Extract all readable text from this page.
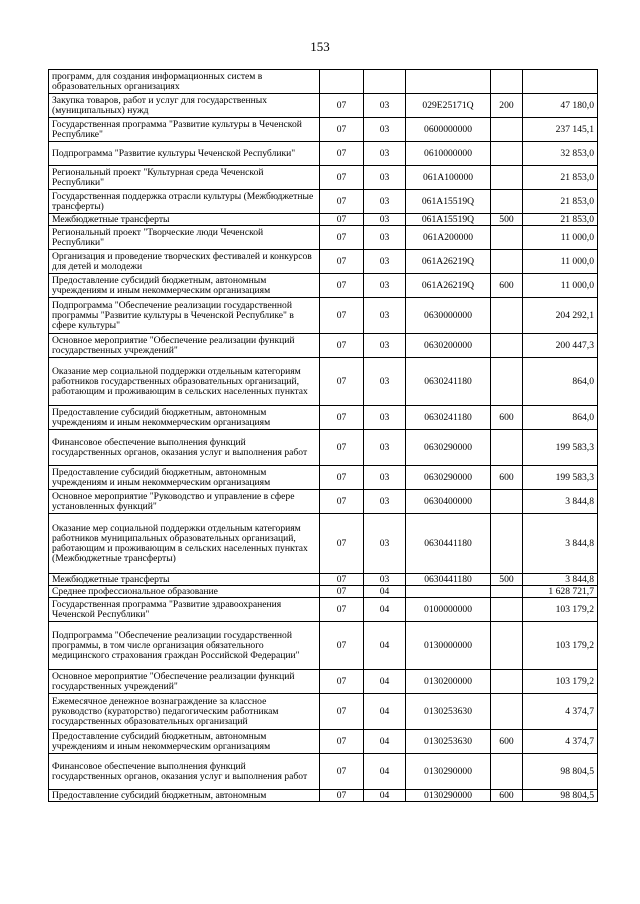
153
программ, для создания информационных систем в образовательных организациях					
Закупка товаров, работ и услуг для государственных (муниципальных) нужд	07	03	029E25171Q	200	47 180,0
Государственная программа "Развитие культуры в Чеченской Республике"	07	03	0600000000		237 145,1
Подпрограмма "Развитие культуры Чеченской Республики"	07	03	0610000000		32 853,0
Региональный проект "Культурная среда Чеченской Республики"	07	03	061A100000		21 853,0
Государственная поддержка отрасли культуры (Межбюджетные трансферты)	07	03	061A15519Q		21 853,0
Межбюджетные трансферты	07	03	061A15519Q	500	21 853,0
Региональный проект "Творческие люди Чеченской Республики"	07	03	061A200000		11 000,0
Организация и проведение творческих фестивалей и конкурсов для детей и молодежи	07	03	061A26219Q		11 000,0
Предоставление субсидий бюджетным, автономным учреждениям и иным некоммерческим организациям	07	03	061A26219Q	600	11 000,0
Подпрограмма "Обеспечение реализации государственной программы "Развитие культуры в Чеченской Республике" в сфере культуры"	07	03	0630000000		204 292,1
Основное мероприятие "Обеспечение реализации функций государственных учреждений"	07	03	0630200000		200 447,3
Оказание мер социальной поддержки отдельным категориям работников государственных образовательных организаций, работающим и проживающим в сельских населенных пунктах	07	03	0630241180		864,0
Предоставление субсидий бюджетным, автономным учреждениям и иным некоммерческим организациям	07	03	0630241180	600	864,0
Финансовое обеспечение выполнения функций государственных органов, оказания услуг и выполнения работ	07	03	0630290000		199 583,3
Предоставление субсидий бюджетным, автономным учреждениям и иным некоммерческим организациям	07	03	0630290000	600	199 583,3
Основное мероприятие "Руководство и управление в сфере установленных функций"	07	03	0630400000		3 844,8
Оказание мер социальной поддержки отдельным категориям работников муниципальных образовательных организаций, работающим и проживающим в сельских населенных пунктах (Межбюджетные трансферты)	07	03	0630441180		3 844,8
Межбюджетные трансферты	07	03	0630441180	500	3 844,8
Среднее профессиональное образование	07	04			1 628 721,7
Государственная программа "Развитие здравоохранения Чеченской Республики"	07	04	0100000000		103 179,2
Подпрограмма "Обеспечение реализации государственной программы, в том числе организация обязательного медицинского страхования граждан Российской Федерации"	07	04	0130000000		103 179,2
Основное мероприятие "Обеспечение реализации функций государственных учреждений"	07	04	0130200000		103 179,2
Ежемесячное денежное вознаграждение за классное руководство (кураторство) педагогическим работникам государственных образовательных организаций	07	04	0130253630		4 374,7
Предоставление субсидий бюджетным, автономным учреждениям и иным некоммерческим организациям	07	04	0130253630	600	4 374,7
Финансовое обеспечение выполнения функций государственных органов, оказания услуг и выполнения работ	07	04	0130290000		98 804,5
Предоставление субсидий бюджетным, автономным	07	04	0130290000	600	98 804,5
